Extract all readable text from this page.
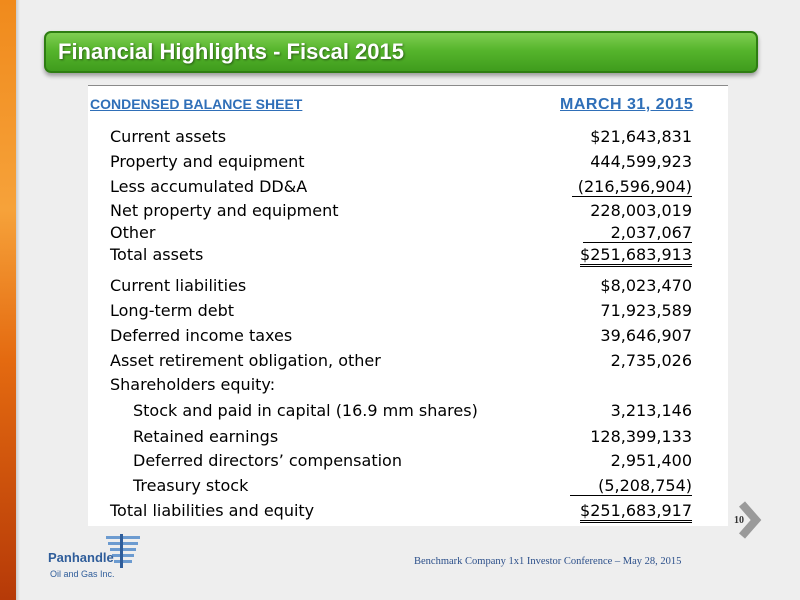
Financial Highlights - Fiscal 2015
CONDENSED BALANCE SHEET	MARCH 31, 2015
Current assets	$21,643,831
Property and equipment	444,599,923
Less accumulated DD&A	(216,596,904)
Net property and equipment	228,003,019
Other	2,037,067
Total assets	$251,683,913
Current liabilities	$8,023,470
Long-term debt	71,923,589
Deferred income taxes	39,646,907
Asset retirement obligation, other	2,735,026
Shareholders equity:
Stock and paid in capital (16.9 mm shares)	3,213,146
Retained earnings	128,399,133
Deferred directors’ compensation	2,951,400
Treasury stock	(5,208,754)
Total liabilities and equity	$251,683,917
10
Panhandle
Oil and Gas Inc.
Benchmark Company 1x1 Investor Conference – May 28, 2015
